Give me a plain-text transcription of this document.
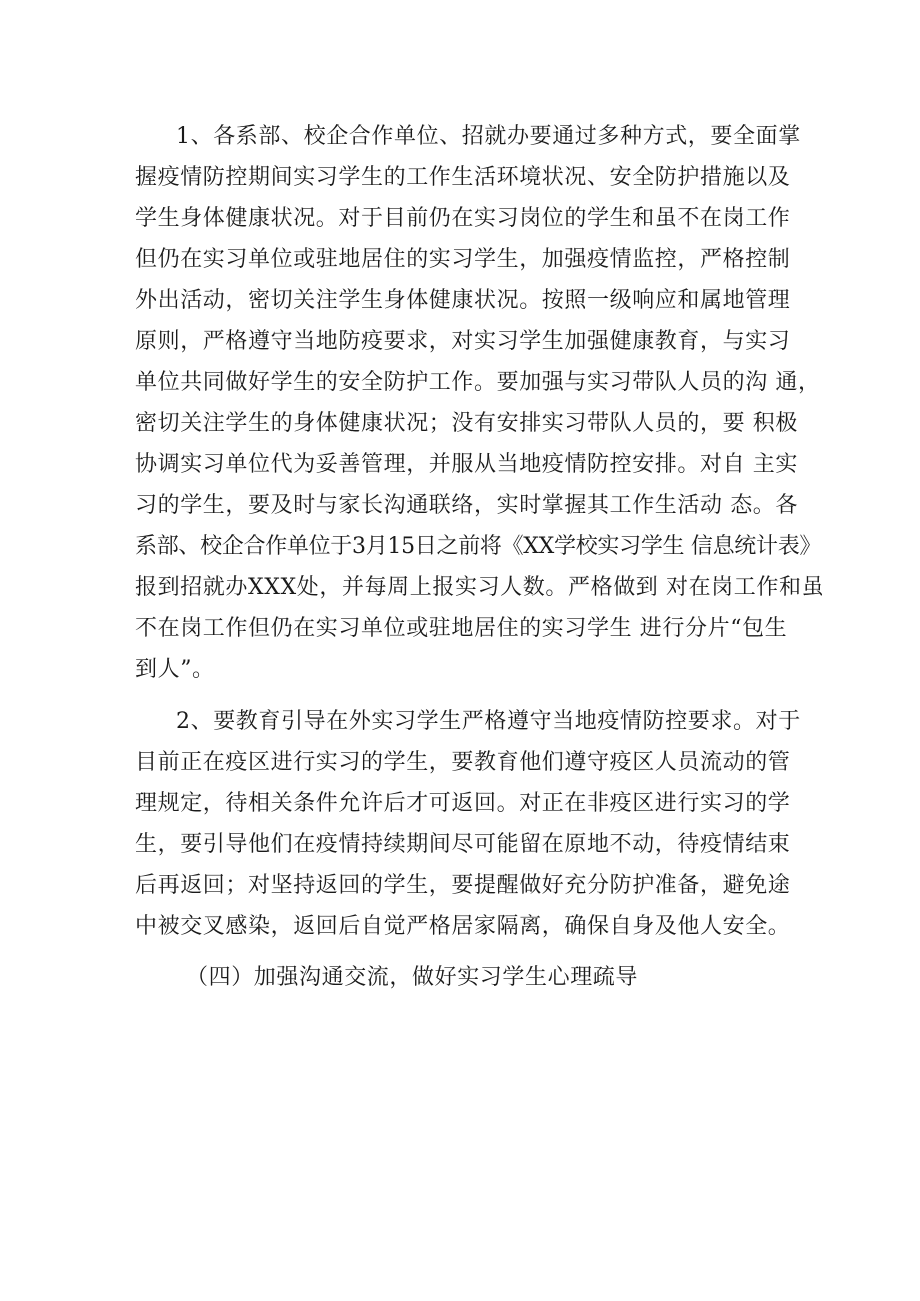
1、各系部、校企合作单位、招就办要通过多种方式，要全面掌
握疫情防控期间实习学生的工作生活环境状况、安全防护措施以及
学生身体健康状况。对于目前仍在实习岗位的学生和虽不在岗工作
但仍在实习单位或驻地居住的实习学生，加强疫情监控，严格控制
外出活动，密切关注学生身体健康状况。按照一级响应和属地管理
原则，严格遵守当地防疫要求，对实习学生加强健康教育，与实习
单位共同做好学生的安全防护工作。要加强与实习带队人员的沟 通，
密切关注学生的身体健康状况；没有安排实习带队人员的，要 积极
协调实习单位代为妥善管理，并服从当地疫情防控安排。对自 主实
习的学生，要及时与家长沟通联络，实时掌握其工作生活动 态。各
系部、校企合作单位于3月15日之前将《XX学校实习学生 信息统计表》
报到招就办XXX处，并每周上报实习人数。严格做到 对在岗工作和虽
不在岗工作但仍在实习单位或驻地居住的实习学生 进行分片“包生
到人”。
2、要教育引导在外实习学生严格遵守当地疫情防控要求。对于
目前正在疫区进行实习的学生，要教育他们遵守疫区人员流动的管
理规定，待相关条件允许后才可返回。对正在非疫区进行实习的学
生，要引导他们在疫情持续期间尽可能留在原地不动，待疫情结束
后再返回；对坚持返回的学生，要提醒做好充分防护准备，避免途
中被交叉感染，返回后自觉严格居家隔离，确保自身及他人安全。
（四）加强沟通交流，做好实习学生心理疏导
